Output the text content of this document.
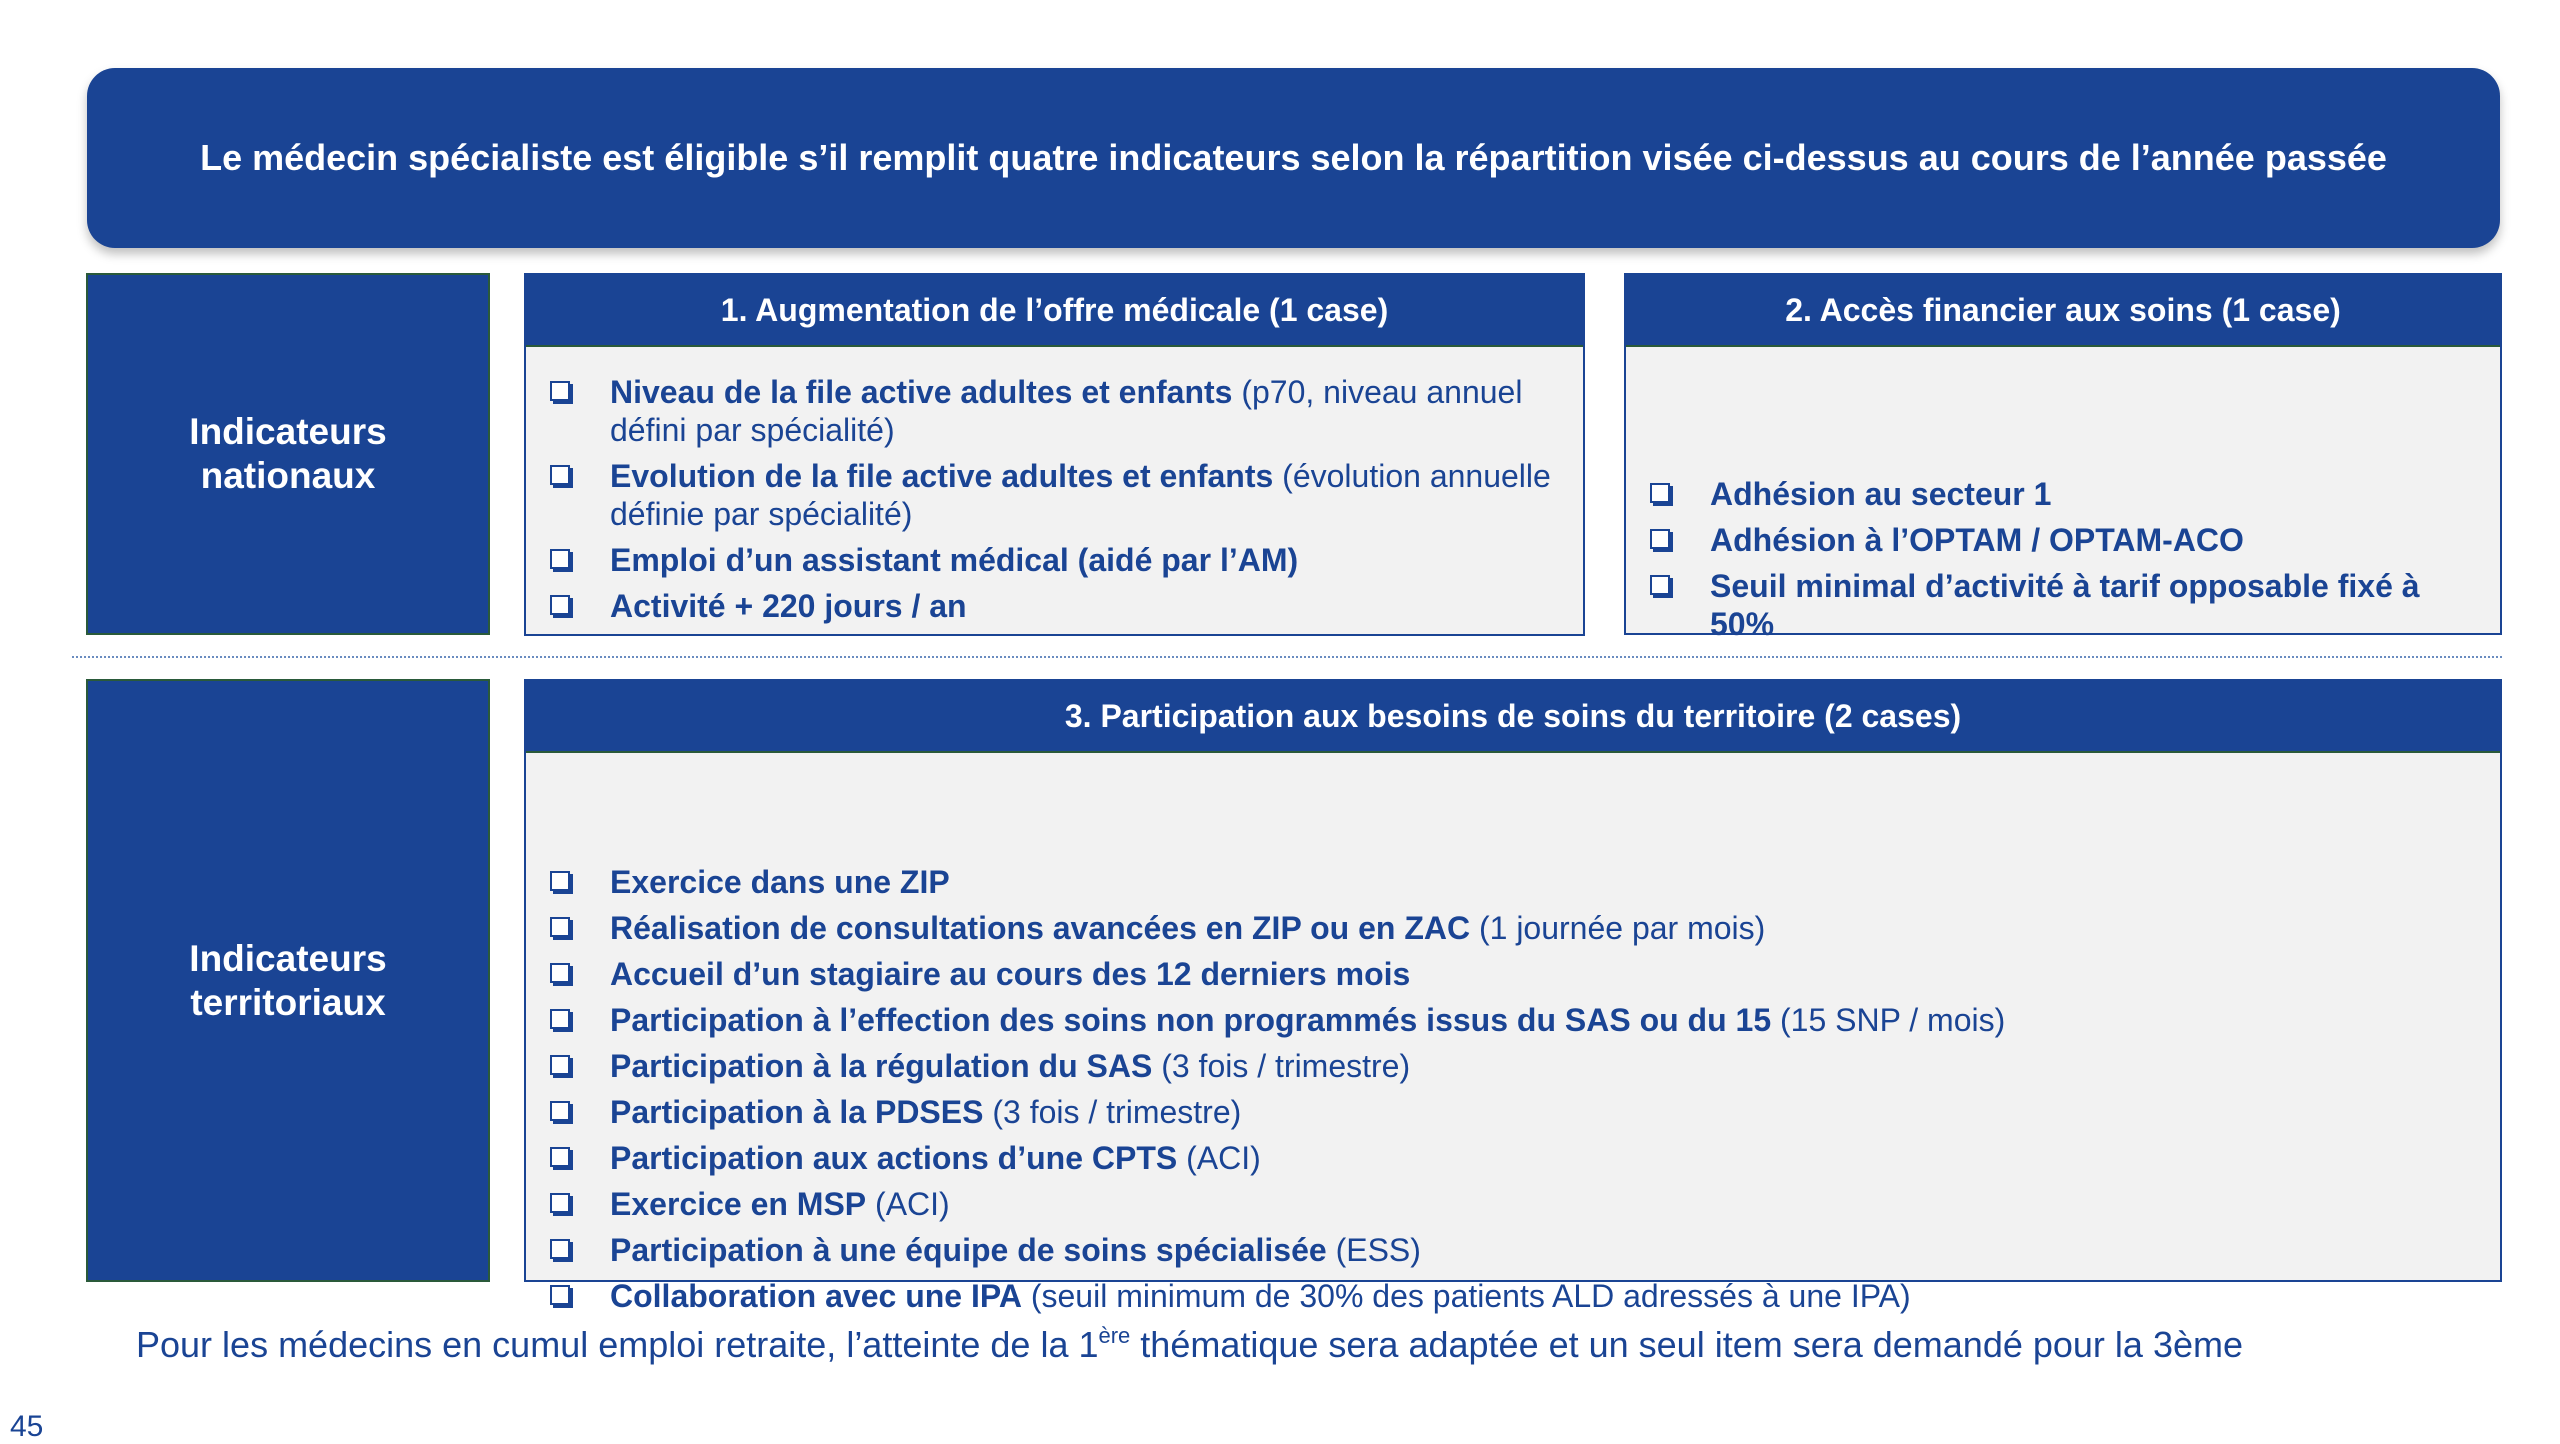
Le médecin spécialiste est éligible s’il remplit quatre indicateurs selon la répartition visée ci-dessus au cours de l’année passée
Indicateurs
nationaux
1. Augmentation de l’offre médicale (1 case)
Niveau de la file active adultes et enfants (p70, niveau annuel défini par spécialité)
Evolution de la file active adultes et enfants (évolution annuelle définie par spécialité)
Emploi d’un assistant médical (aidé par l’AM)
Activité + 220 jours / an
2. Accès financier aux soins (1 case)
Adhésion au secteur 1
Adhésion à l’OPTAM / OPTAM-ACO
Seuil minimal d’activité à tarif opposable fixé à 50%
Indicateurs
territoriaux
3. Participation aux besoins de soins du territoire (2 cases)
Exercice dans une ZIP
Réalisation de consultations avancées en ZIP ou en ZAC (1 journée par mois)
Accueil d’un stagiaire au cours des 12 derniers mois
Participation à l’effection des soins non programmés issus du SAS ou du 15 (15 SNP / mois)
Participation à la régulation du SAS (3 fois / trimestre)
Participation à la PDSES (3 fois / trimestre)
Participation aux actions d’une CPTS (ACI)
Exercice en MSP (ACI)
Participation à une équipe de soins spécialisée (ESS)
Collaboration avec une IPA (seuil minimum de 30% des patients ALD adressés à une IPA)
Pour les médecins en cumul emploi retraite, l’atteinte de la 1ère thématique sera adaptée et un seul item sera demandé pour la 3ème
45
